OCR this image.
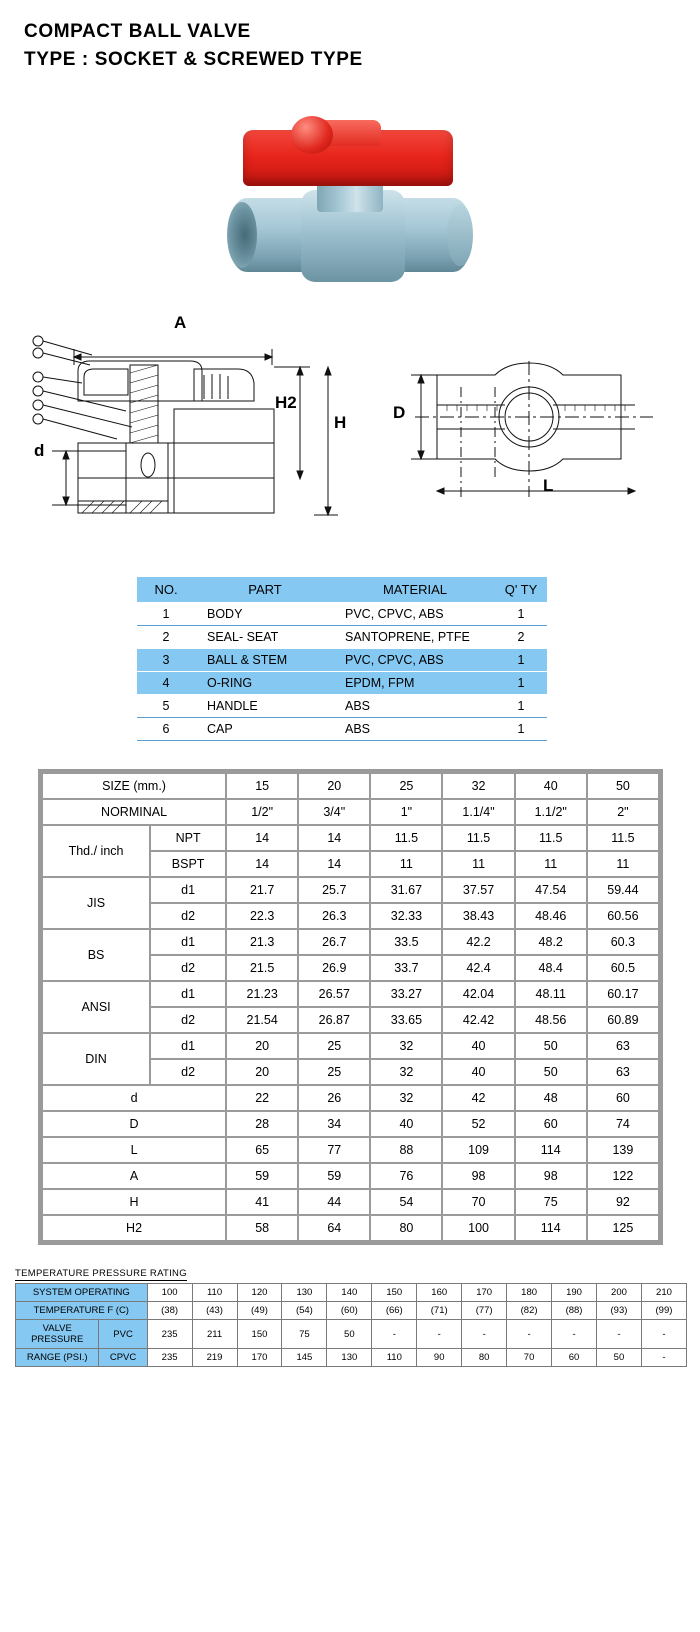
COMPACT BALL VALVE
TYPE : SOCKET & SCREWED TYPE
A
H2
H
d
D
L
NO.	PART	MATERIAL	Q' TY
1	BODY	PVC, CPVC, ABS	1
2	SEAL- SEAT	SANTOPRENE, PTFE	2
3	BALL & STEM	PVC, CPVC, ABS	1
4	O-RING	EPDM, FPM	1
5	HANDLE	ABS	1
6	CAP	ABS	1
SIZE (mm.)		15	20	25	32	40	50
NORMINAL		1/2"	3/4"	1"	1.1/4"	1.1/2"	2"
Thd./ inch	NPT	14	14	11.5	11.5	11.5	11.5
	BSPT	14	14	11	11	11	11
JIS	d1	21.7	25.7	31.67	37.57	47.54	59.44
	d2	22.3	26.3	32.33	38.43	48.46	60.56
BS	d1	21.3	26.7	33.5	42.2	48.2	60.3
	d2	21.5	26.9	33.7	42.4	48.4	60.5
ANSI	d1	21.23	26.57	33.27	42.04	48.11	60.17
	d2	21.54	26.87	33.65	42.42	48.56	60.89
DIN	d1	20	25	32	40	50	63
	d2	20	25	32	40	50	63
d		22	26	32	42	48	60
D		28	34	40	52	60	74
L		65	77	88	109	114	139
A		59	59	76	98	98	122
H		41	44	54	70	75	92
H2		58	64	80	100	114	125
TEMPERATURE PRESSURE RATING
SYSTEM OPERATING		100	110	120	130	140	150	160	170	180	190	200	210
TEMPERATURE F (C)		(38)	(43)	(49)	(54)	(60)	(66)	(71)	(77)	(82)	(88)	(93)	(99)
VALVE PRESSURE	PVC	235	211	150	75	50	-	-	-	-	-	-	-
RANGE (PSI.)	CPVC	235	219	170	145	130	110	90	80	70	60	50	-
